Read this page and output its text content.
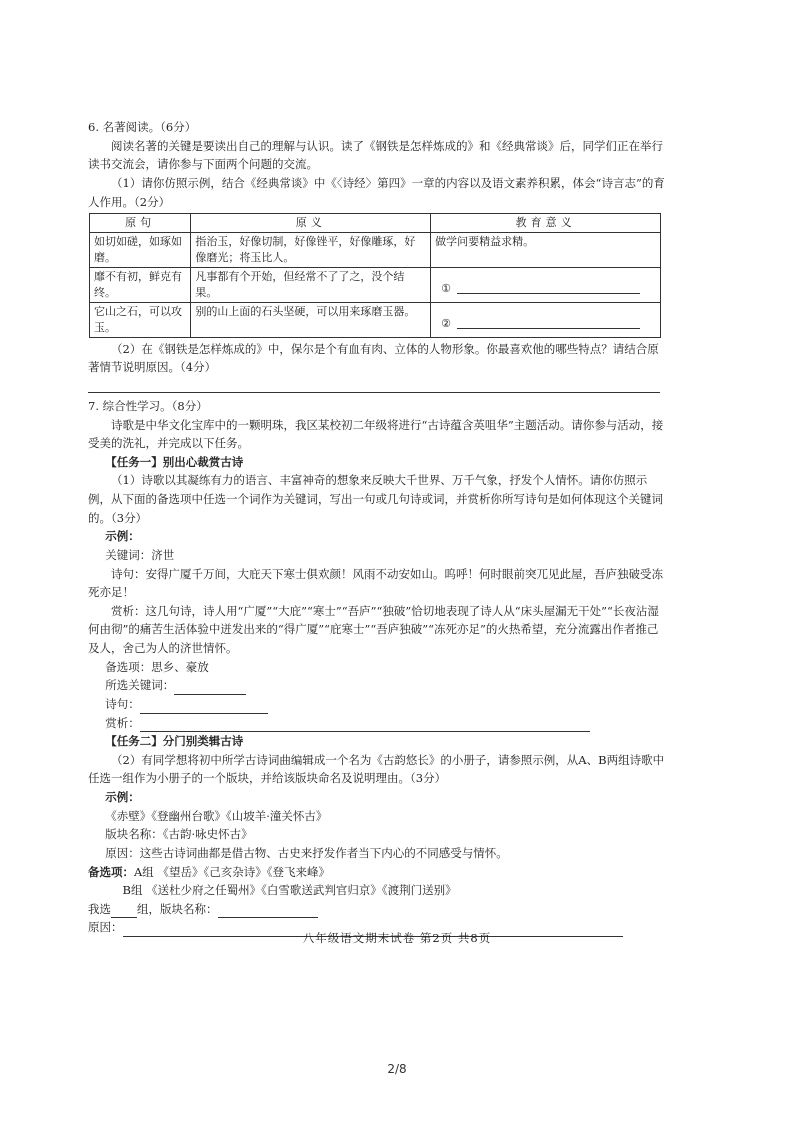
6. 名著阅读。（6分）

阅读名著的关键是要读出自己的理解与认识。读了《钢铁是怎样炼成的》和《经典常谈》后，同学们正在举行读书交流会，请你参与下面两个问题的交流。

（1）请你仿照示例，结合《经典常谈》中《〈诗经〉第四》一章的内容以及语文素养积累，体会“诗言志”的育人作用。（2分）

原句	原义	教育意义
如切如磋，如琢如磨。	指治玉，好像切制，好像锉平，好像雕琢，好像磨光；将玉比人。	做学问要精益求精。
靡不有初，鲜克有终。	凡事都有个开始，但经常不了了之，没个结果。	①

它山之石，可以攻玉。	别的山上面的石头坚硬，可以用来琢磨玉器。	②

（2）在《钢铁是怎样炼成的》中，保尔是个有血有肉、立体的人物形象。你最喜欢他的哪些特点？请结合原著情节说明原因。（4分）

7. 综合性学习。（8分）

诗歌是中华文化宝库中的一颗明珠，我区某校初二年级将进行“古诗蕴含英咀华”主题活动。请你参与活动，接受美的洗礼，并完成以下任务。

【任务一】别出心裁赏古诗

（1）诗歌以其凝练有力的语言、丰富神奇的想象来反映大千世界、万千气象，抒发个人情怀。请你仿照示例，从下面的备选项中任选一个词作为关键词，写出一句或几句诗或词，并赏析你所写诗句是如何体现这个关键词的。（3分）

示例：

关键词：济世

诗句：安得广厦千万间，大庇天下寒士俱欢颜！风雨不动安如山。呜呼！何时眼前突兀见此屋，吾庐独破受冻死亦足！

赏析：这几句诗，诗人用“广厦”“大庇”“寒士”“吾庐”“独破”恰切地表现了诗人从“床头屋漏无干处”“长夜沾湿何由彻”的痛苦生活体验中迸发出来的“得广厦”“庇寒士”“吾庐独破”“冻死亦足”的火热希望，充分流露出作者推己及人，舍己为人的济世情怀。

备选项：思乡、豪放

所选关键词：

诗句：

赏析：

【任务二】分门别类辑古诗

（2）有同学想将初中所学古诗词曲编辑成一个名为《古韵悠长》的小册子，请参照示例，从A、B两组诗歌中任选一组作为小册子的一个版块，并给该版块命名及说明理由。（3分）

示例：

《赤壁》《登幽州台歌》《山坡羊·潼关怀古》

版块名称：《古韵·咏史怀古》

原因：这些古诗词曲都是借古物、古史来抒发作者当下内心的不同感受与情怀。

备选项：A组 《望岳》《己亥杂诗》《登飞来峰》

B组 《送杜少府之任蜀州》《白雪歌送武判官归京》《渡荆门送别》

我选 组，版块名称：

原因：

八年级语文期末试卷 第2页 共8页
2/8
